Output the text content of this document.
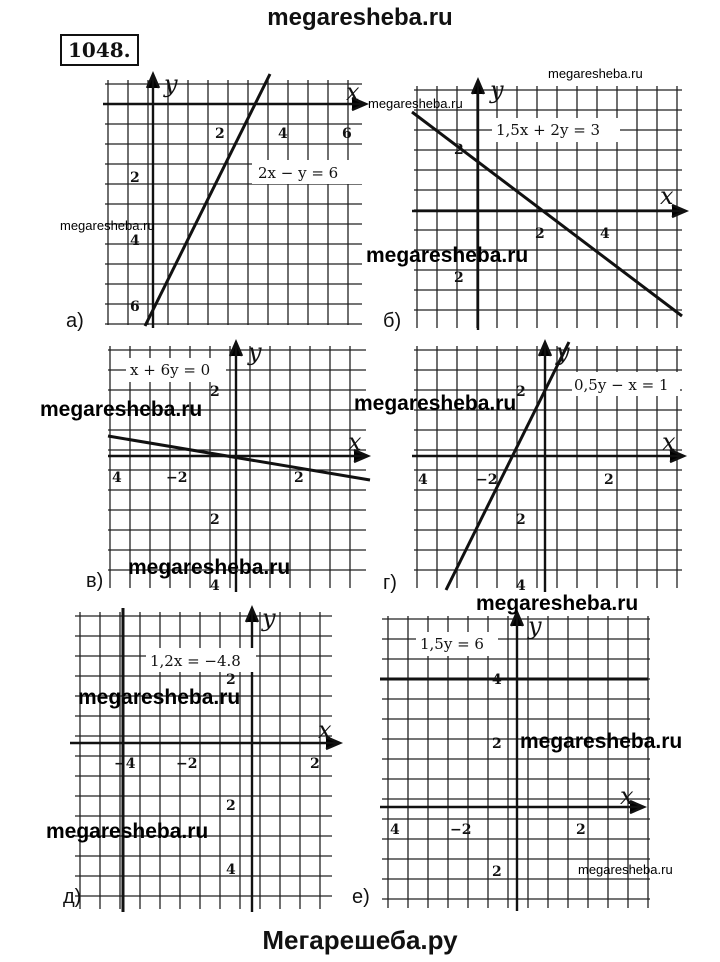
megaresheba.ru
1048.
y	x
2	4	6
2
4
6
2x − y = 6
а)
y
x
2	4
2
2
1,5x + 2y = 3
б)
y
x
4	−2	2
2
2
4
x + 6y = 0
в)
y
x
4	−2	2
2
2
4
0,5y − x = 1
г)
y
x
−4	−2	2
2
2
4
1,2x = −4.8
д)
y
x
4	−2	2
4
2
2
1,5y = 6
е)
megaresheba.ru
megaresheba.ru
megaresheba.ru
megaresheba.ru
megaresheba.ru	megaresheba.ru
megaresheba.ru
megaresheba.ru
megaresheba.ru
megaresheba.ru
megaresheba.ru
megaresheba.ru
Мегарешеба.ру
